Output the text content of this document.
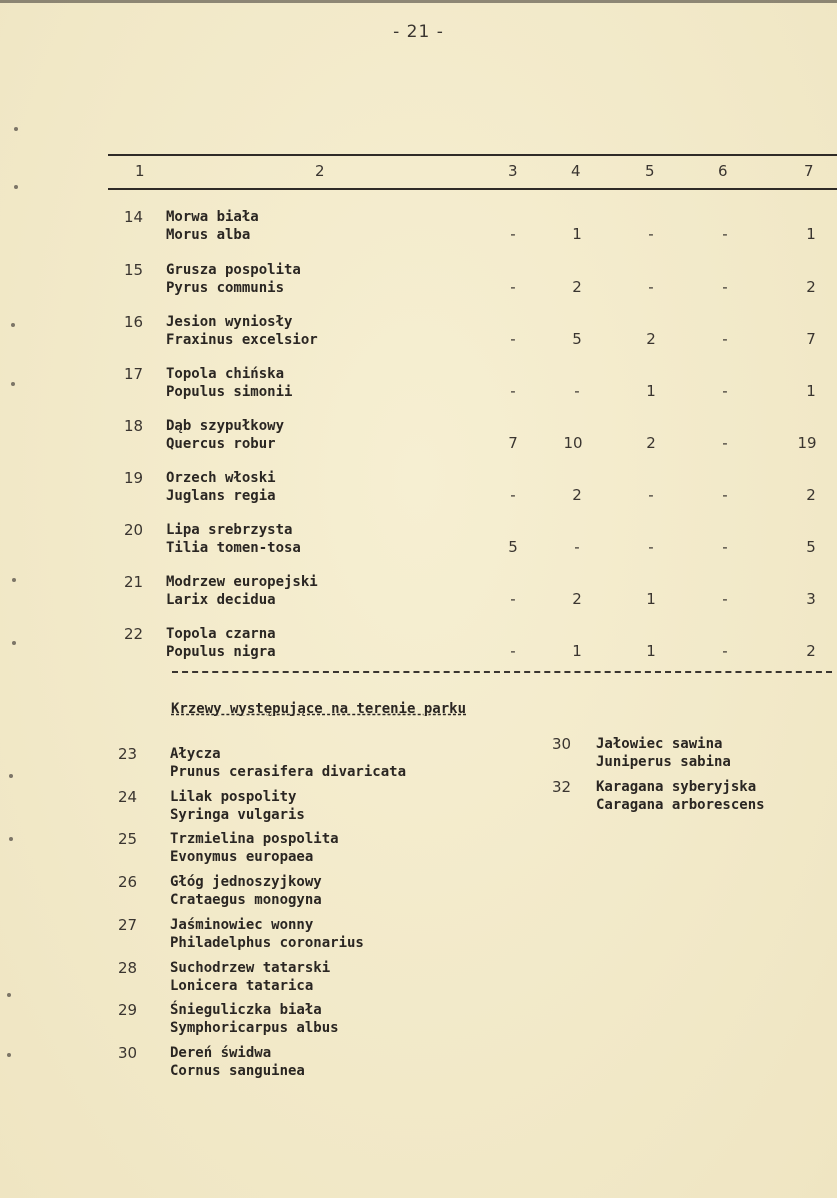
- 21 -
1	2	3	4	5	6	7
14	Morwa biała
Morus alba	-	1	-	-	1
15	Grusza pospolita
Pyrus communis	-	2	-	-	2
16	Jesion wyniosły
Fraxinus excelsior	-	5	2	-	7
17	Topola chińska
Populus simonii	-	-	1	-	1
18	Dąb szypułkowy
Quercus robur	7	10	2	-	19
19	Orzech włoski
Juglans regia	-	2	-	-	2
20	Lipa srebrzysta
Tilia tomen-tosa	5	-	-	-	5
21	Modrzew europejski
Larix decidua	-	2	1	-	3
22	Topola czarna
Populus nigra	-	1	1	-	2
Krzewy występujące na terenie parku
23	Ałycza
Prunus cerasifera divaricata
24	Lilak pospolity
Syringa vulgaris
25	Trzmielina pospolita
Evonymus europaea
26	Głóg jednoszyjkowy
Crataegus monogyna
27	Jaśminowiec wonny
Philadelphus coronarius
28	Suchodrzew tatarski
Lonicera tatarica
29	Śnieguliczka biała
Symphoricarpus albus
30	Dereń świdwa
Cornus sanguinea
30	Jałowiec sawina
Juniperus sabina
32	Karagana syberyjska
Caragana arborescens
